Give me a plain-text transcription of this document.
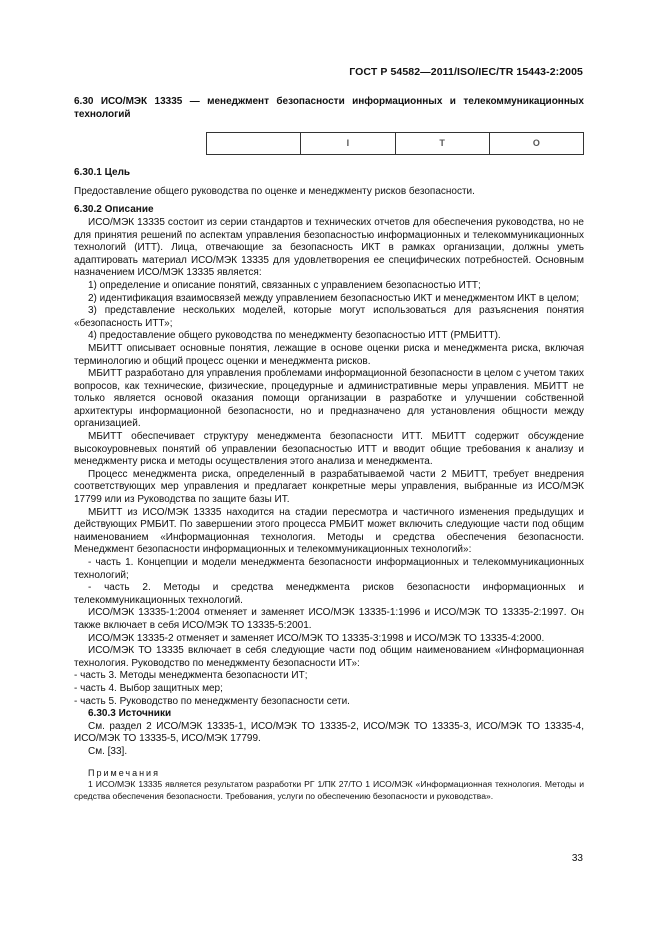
ГОСТ Р 54582—2011/ISO/IEC/TR 15443-2:2005

6.30 ИСО/МЭК 13335 — менеджмент безопасности информационных и телекоммуникационных технологий

	I	T	O

6.30.1 Цель

Предоставление общего руководства по оценке и менеджменту рисков безопасности.

6.30.2 Описание

ИСО/МЭК 13335 состоит из серии стандартов и технических отчетов для обеспечения руководства, но не для принятия решений по аспектам управления безопасностью информационных и телекоммуникационных технологий (ИТТ). Лица, отвечающие за безопасность ИКТ в рамках организации, должны уметь адаптировать материал ИСО/МЭК 13335 для удовлетворения ее специфических потребностей. Основным назначением ИСО/МЭК 13335 является:

1) определение и описание понятий, связанных с управлением безопасностью ИТТ;

2) идентификация взаимосвязей между управлением безопасностью ИКТ и менеджментом ИКТ в целом;

3) представление нескольких моделей, которые могут использоваться для разъяснения понятия «безопасность ИТТ»;

4) предоставление общего руководства по менеджменту безопасностью ИТТ (РМБИТТ).

МБИТТ описывает основные понятия, лежащие в основе оценки риска и менеджмента риска, включая терминологию и общий процесс оценки и менеджмента рисков.

МБИТТ разработано для управления проблемами информационной безопасности в целом с учетом таких вопросов, как технические, физические, процедурные и административные меры управления. МБИТТ не только является основой оказания помощи организации в разработке и улучшении собственной архитектуры информационной безопасности, но и предназначено для установления общности между организацией.

МБИТТ обеспечивает структуру менеджмента безопасности ИТТ. МБИТТ содержит обсуждение высокоуровневых понятий об управлении безопасностью ИТТ и вводит общие требования к анализу и менеджменту риска и методы осуществления этого анализа и менеджмента.

Процесс менеджмента риска, определенный в разрабатываемой части 2 МБИТТ, требует внедрения соответствующих мер управления и предлагает конкретные меры управления, выбранные из ИСО/МЭК 17799 или из Руководства по защите базы ИТ.

МБИТТ из ИСО/МЭК 13335 находится на стадии пересмотра и частичного изменения предыдущих и действующих РМБИТ. По завершении этого процесса РМБИТ может включить следующие части под общим наименованием «Информационная технология. Методы и средства обеспечения безопасности. Менеджмент безопасности информационных и телекоммуникационных технологий»:

- часть 1. Концепции и модели менеджмента безопасности информационных и телекоммуникационных технологий;

- часть 2. Методы и средства менеджмента рисков безопасности информационных и телекоммуникационных технологий.

ИСО/МЭК 13335-1:2004 отменяет и заменяет ИСО/МЭК 13335-1:1996 и ИСО/МЭК ТО 13335-2:1997. Он также включает в себя ИСО/МЭК ТО 13335-5:2001.

ИСО/МЭК 13335-2 отменяет и заменяет ИСО/МЭК ТО 13335-3:1998 и ИСО/МЭК ТО 13335-4:2000.

ИСО/МЭК ТО 13335 включает в себя следующие части под общим наименованием «Информационная технология. Руководство по менеджменту безопасности ИТ»:

- часть 3. Методы менеджмента безопасности ИТ;

- часть 4. Выбор защитных мер;

- часть 5. Руководство по менеджменту безопасности сети.

6.30.3 Источники

См. раздел 2 ИСО/МЭК 13335-1, ИСО/МЭК ТО 13335-2, ИСО/МЭК ТО 13335-3, ИСО/МЭК ТО 13335-4, ИСО/МЭК ТО 13335-5, ИСО/МЭК 17799.

См. [33].

Примечания

1 ИСО/МЭК 13335 является результатом разработки РГ 1/ПК 27/ТО 1 ИСО/МЭК «Информационная технология. Методы и средства обеспечения безопасности. Требования, услуги по обеспечению безопасности и руководства».

33
